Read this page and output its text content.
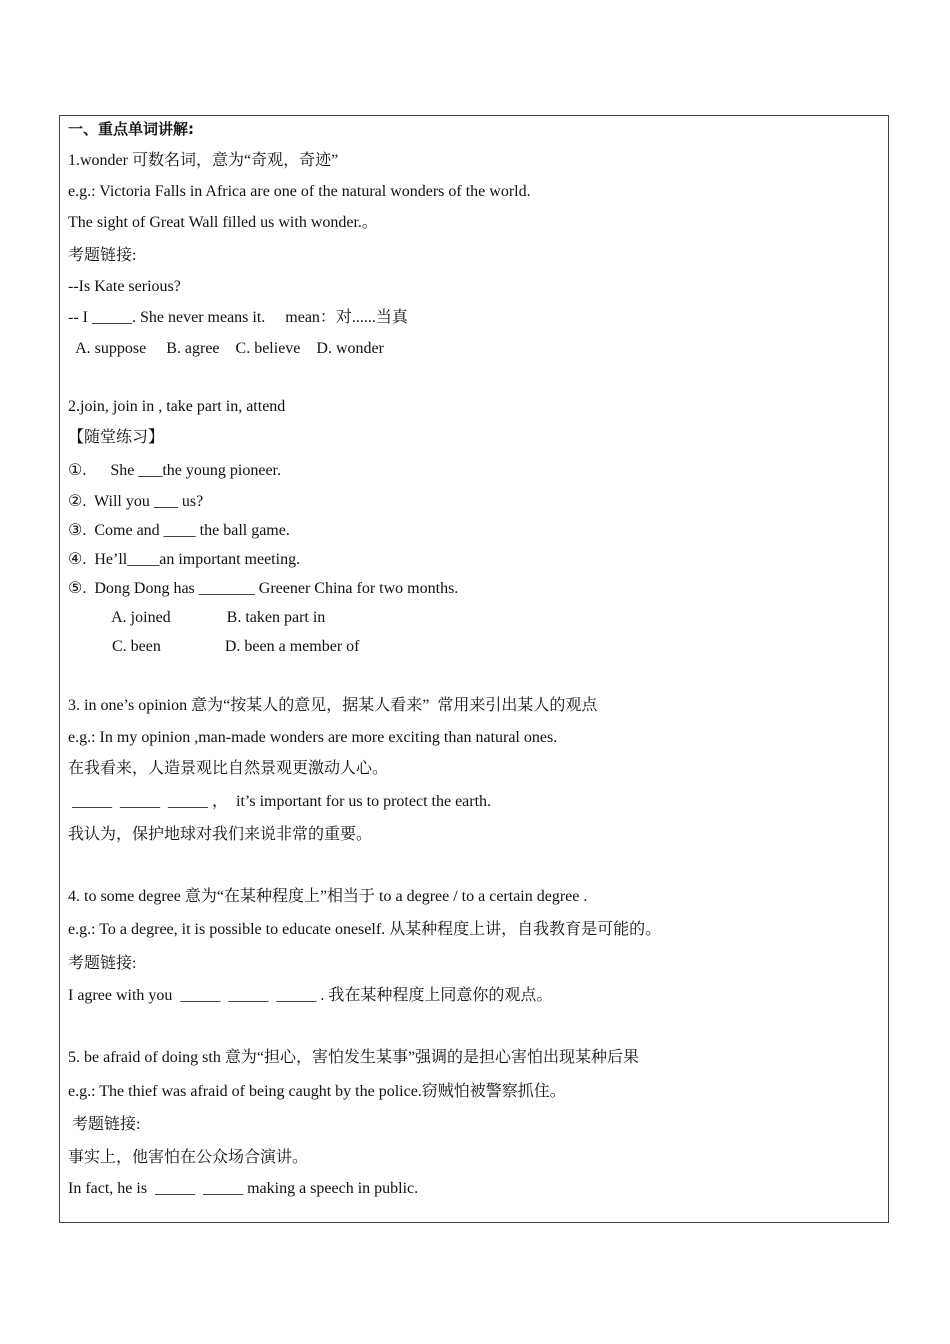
一、重点单词讲解:
1.wonder 可数名词，意为“奇观，奇迹”
e.g.: Victoria Falls in Africa are one of the natural wonders of the world.
The sight of Great Wall filled us with wonder.。
考题链接:
--Is Kate serious?
-- I _____. She never means it.     mean：对......当真
A. suppose     B. agree    C. believe    D. wonder
2.join, join in , take part in, attend
【随堂练习】
①.      She ___the young pioneer.
②.  Will you ___ us?
③.  Come and ____ the ball game.
④.  He’ll____an important meeting.
⑤.  Dong Dong has _______ Greener China for two months.
A. joined              B. taken part in
C. been                D. been a member of
3. in one’s opinion 意为“按某人的意见，据某人看来”  常用来引出某人的观点
e.g.: In my opinion ,man-made wonders are more exciting than natural ones.
在我看来，人造景观比自然景观更激动人心。
_____  _____  _____ ，  it’s important for us to protect the earth.
我认为，保护地球对我们来说非常的重要。
4. to some degree 意为“在某种程度上”相当于 to a degree / to a certain degree .
e.g.: To a degree, it is possible to educate oneself. 从某种程度上讲，自我教育是可能的。
考题链接:
I agree with you  _____  _____  _____ . 我在某种程度上同意你的观点。
5. be afraid of doing sth 意为“担心，害怕发生某事”强调的是担心害怕出现某种后果
e.g.: The thief was afraid of being caught by the police.窃贼怕被警察抓住。
考题链接:
事实上，他害怕在公众场合演讲。
In fact, he is  _____  _____ making a speech in public.
